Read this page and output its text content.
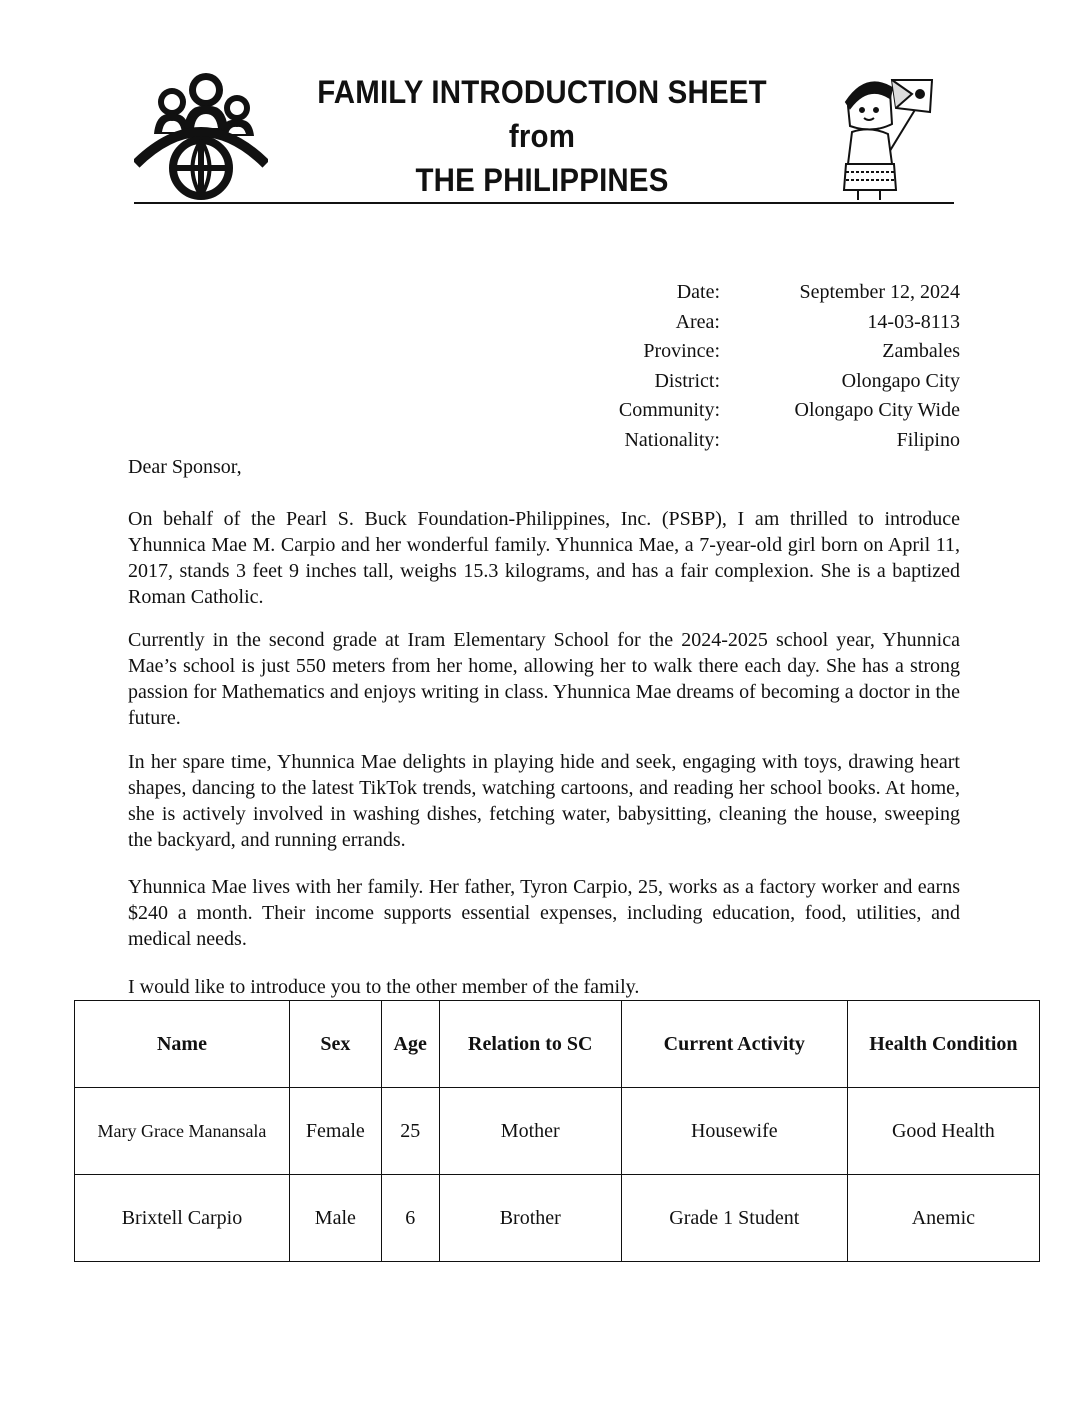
FAMILY INTRODUCTION SHEET
from
THE PHILIPPINES
Date:	September 12, 2024
Area:	14-03-8113
Province:	Zambales
District:	Olongapo City
Community:	Olongapo City Wide
Nationality:	Filipino
Dear Sponsor,
On behalf of the Pearl S. Buck Foundation-Philippines, Inc. (PSBP), I am thrilled to introduce Yhunnica Mae M. Carpio and her wonderful family. Yhunnica Mae, a 7-year-old girl born on April 11, 2017, stands 3 feet 9 inches tall, weighs 15.3 kilograms, and has a fair complexion. She is a baptized Roman Catholic.
Currently in the second grade at Iram Elementary School for the 2024-2025 school year, Yhunnica Mae’s school is just 550 meters from her home, allowing her to walk there each day. She has a strong passion for Mathematics and enjoys writing in class. Yhunnica Mae dreams of becoming a doctor in the future.
In her spare time, Yhunnica Mae delights in playing hide and seek, engaging with toys, drawing heart shapes, dancing to the latest TikTok trends, watching cartoons, and reading her school books. At home, she is actively involved in washing dishes, fetching water, babysitting, cleaning the house, sweeping the backyard, and running errands.
Yhunnica Mae lives with her family. Her father, Tyron Carpio, 25, works as a factory worker and earns $240 a month. Their income supports essential expenses, including education, food, utilities, and medical needs.
I would like to introduce you to the other member of the family.
Name	Sex	Age	Relation to SC	Current Activity	Health Condition
Mary Grace Manansala	Female	25	Mother	Housewife	Good Health
Brixtell Carpio	Male	6	Brother	Grade 1 Student	Anemic
